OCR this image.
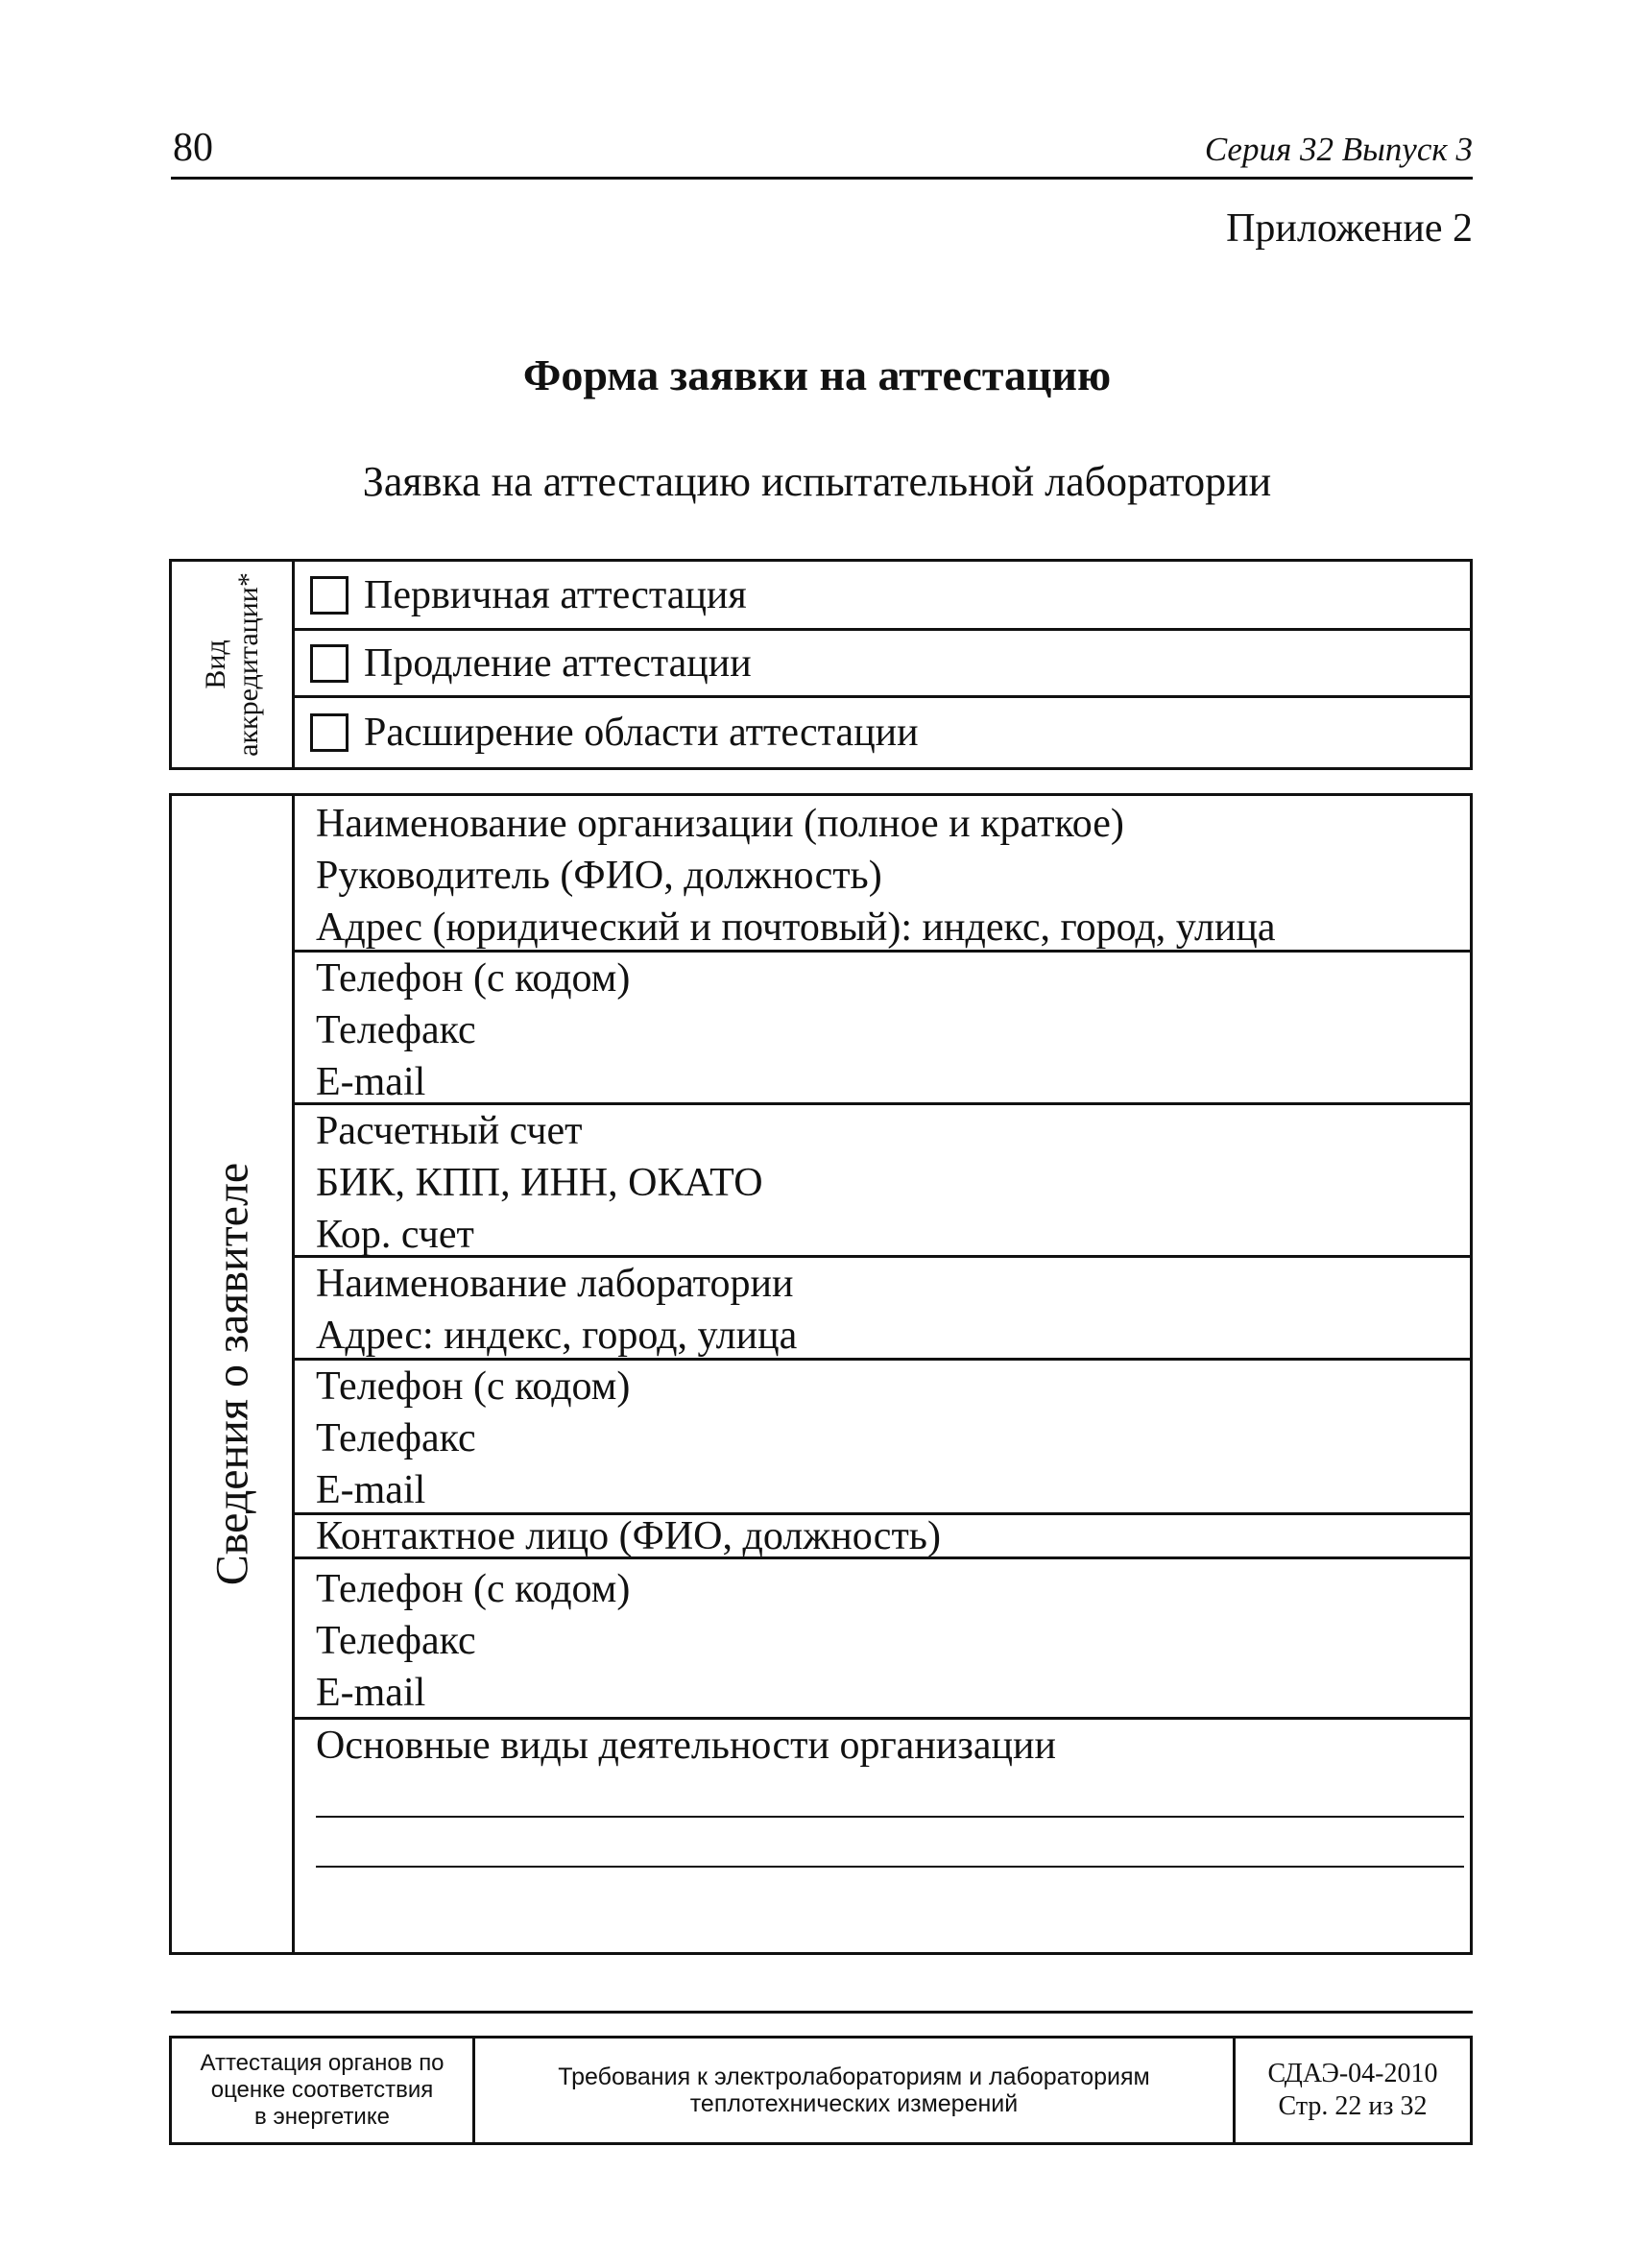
80	Серия 32 Выпуск 3
Приложение 2
Форма заявки на аттестацию
Заявка на аттестацию испытательной лаборатории
Вид аккредитации* Первичная аттестация
Продление аттестации
Расширение области аттестации
Сведения о заявителе
Наименование организации (полное и краткое)
Руководитель (ФИО, должность)
Адрес (юридический и почтовый): индекс, город, улица
Телефон (с кодом)
Телефакс
E-mail
Расчетный счет
БИК, КПП, ИНН, ОКАТО
Кор. счет
Наименование лаборатории
Адрес: индекс, город, улица
Телефон (с кодом)
Телефакс
E-mail
Контактное лицо (ФИО, должность)
Телефон (с кодом)
Телефакс
E-mail
Основные виды деятельности организации
Аттестация органов по
оценке соответствия
в энергетике
Требования к электролабораториям и лабораториям
теплотехнических измерений
СДАЭ-04-2010
Стр. 22 из 32
